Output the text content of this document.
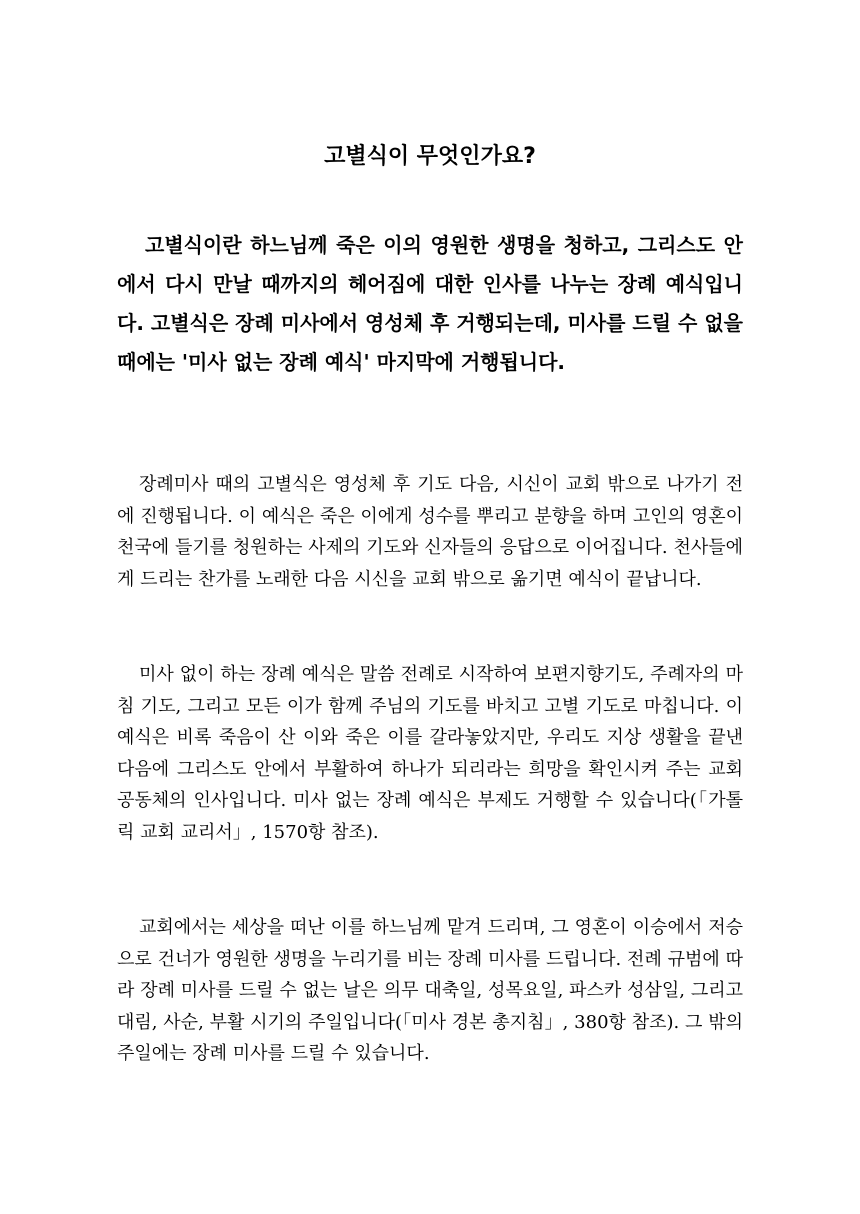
고별식이 무엇인가요?

고별식이란 하느님께 죽은 이의 영원한 생명을 청하고, 그리스도 안에서 다시 만날 때까지의 헤어짐에 대한 인사를 나누는 장례 예식입니다. 고별식은 장례 미사에서 영성체 후 거행되는데, 미사를 드릴 수 없을 때에는 '미사 없는 장례 예식' 마지막에 거행됩니다.

장례미사 때의 고별식은 영성체 후 기도 다음, 시신이 교회 밖으로 나가기 전에 진행됩니다. 이 예식은 죽은 이에게 성수를 뿌리고 분향을 하며 고인의 영혼이 천국에 들기를 청원하는 사제의 기도와 신자들의 응답으로 이어집니다. 천사들에게 드리는 찬가를 노래한 다음 시신을 교회 밖으로 옮기면 예식이 끝납니다.

미사 없이 하는 장례 예식은 말씀 전례로 시작하여 보편지향기도, 주례자의 마침 기도, 그리고 모든 이가 함께 주님의 기도를 바치고 고별 기도로 마칩니다. 이 예식은 비록 죽음이 산 이와 죽은 이를 갈라놓았지만, 우리도 지상 생활을 끝낸 다음에 그리스도 안에서 부활하여 하나가 되리라는 희망을 확인시켜 주는 교회 공동체의 인사입니다. 미사 없는 장례 예식은 부제도 거행할 수 있습니다(「가톨릭 교회 교리서」, 1570항 참조).

교회에서는 세상을 떠난 이를 하느님께 맡겨 드리며, 그 영혼이 이승에서 저승으로 건너가 영원한 생명을 누리기를 비는 장례 미사를 드립니다. 전례 규범에 따라 장례 미사를 드릴 수 없는 날은 의무 대축일, 성목요일, 파스카 성삼일, 그리고 대림, 사순, 부활 시기의 주일입니다(「미사 경본 총지침」, 380항 참조). 그 밖의 주일에는 장례 미사를 드릴 수 있습니다.
